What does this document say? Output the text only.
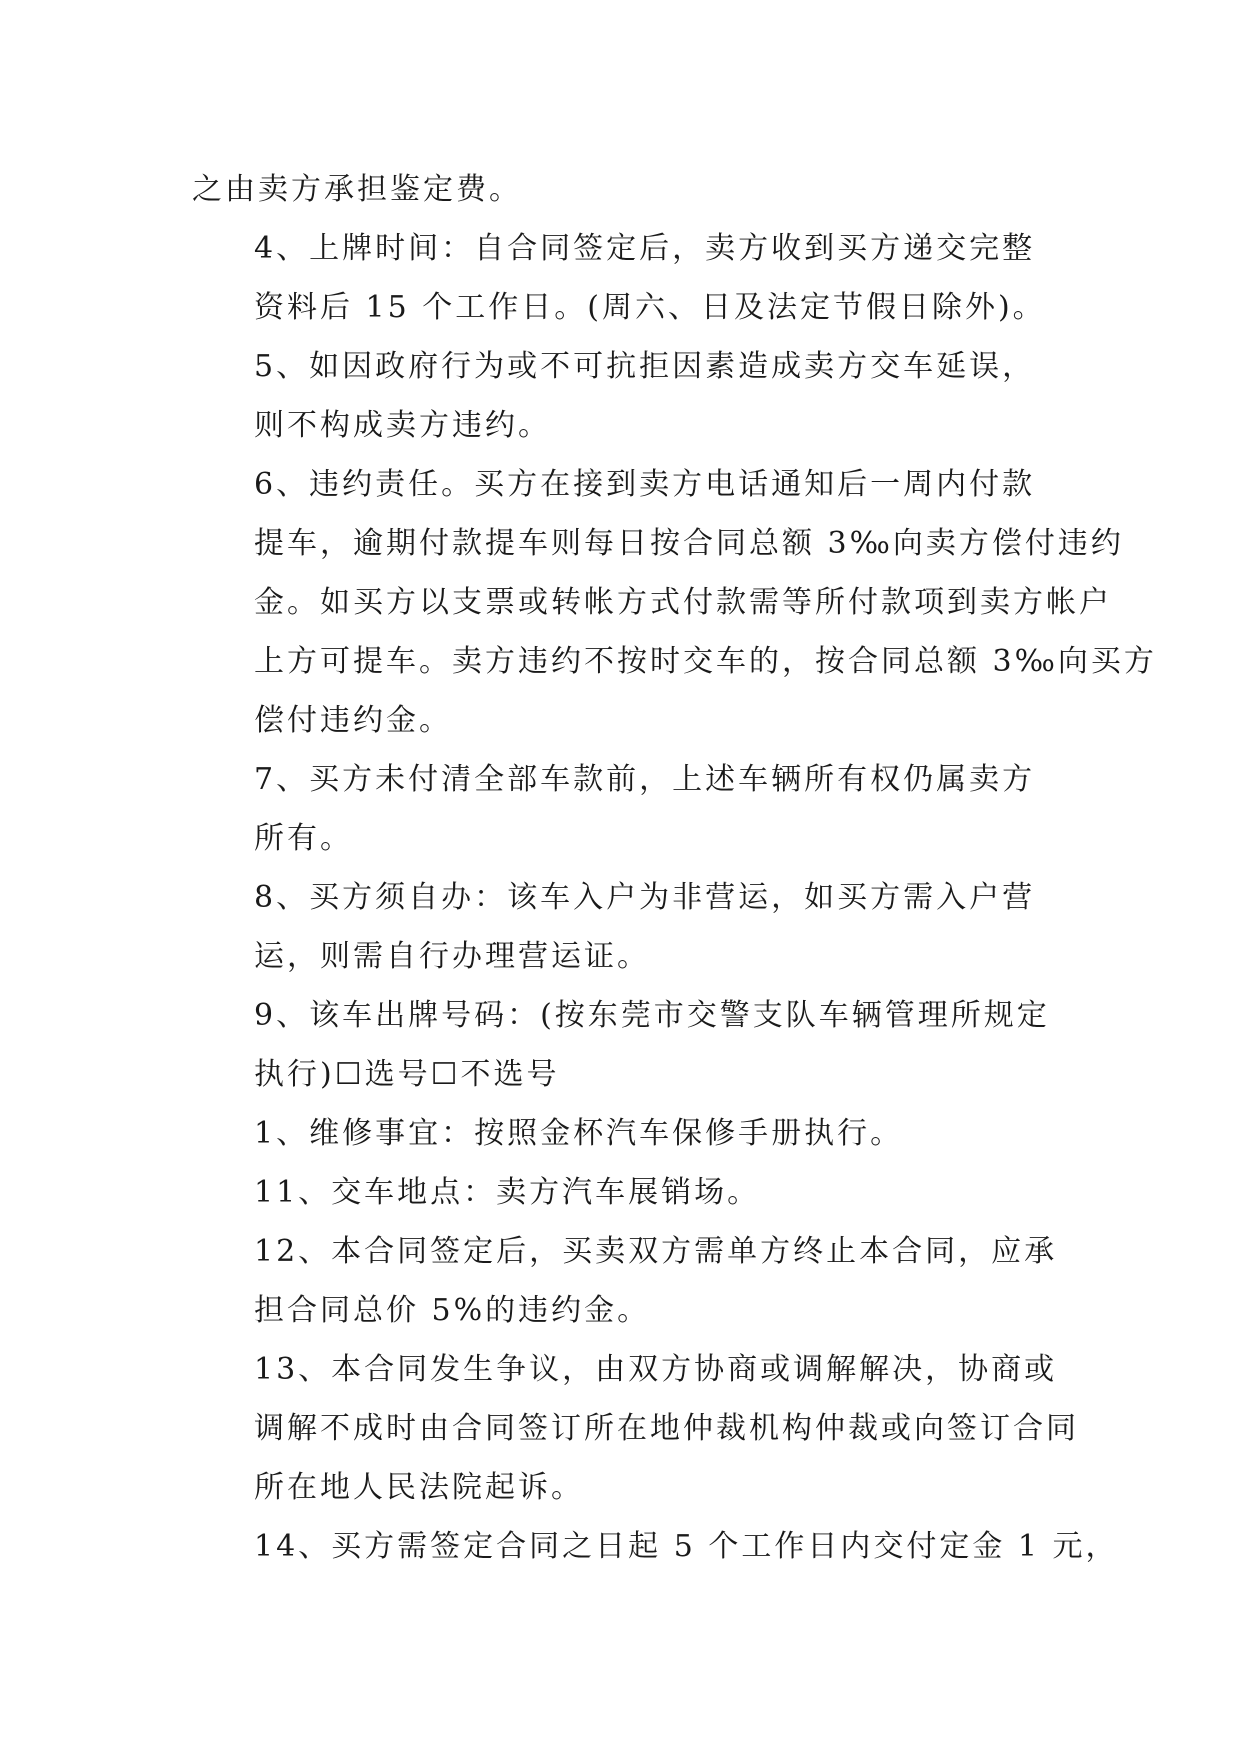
之由卖方承担鉴定费。

4、上牌时间：自合同签定后，卖方收到买方递交完整
资料后 15 个工作日。(周六、日及法定节假日除外)。

5、如因政府行为或不可抗拒因素造成卖方交车延误，
则不构成卖方违约。

6、违约责任。买方在接到卖方电话通知后一周内付款
提车，逾期付款提车则每日按合同总额 3‰向卖方偿付违约
金。如买方以支票或转帐方式付款需等所付款项到卖方帐户
上方可提车。卖方违约不按时交车的，按合同总额 3‰向买方
偿付违约金。

7、买方未付清全部车款前，上述车辆所有权仍属卖方
所有。

8、买方须自办：该车入户为非营运，如买方需入户营
运，则需自行办理营运证。

9、该车出牌号码：(按东莞市交警支队车辆管理所规定
执行)☐选号☐不选号

1、维修事宜：按照金杯汽车保修手册执行。

11、交车地点：卖方汽车展销场。

12、本合同签定后，买卖双方需单方终止本合同，应承
担合同总价 5%的违约金。

13、本合同发生争议，由双方协商或调解解决，协商或
调解不成时由合同签订所在地仲裁机构仲裁或向签订合同
所在地人民法院起诉。

14、买方需签定合同之日起 5 个工作日内交付定金 1 元，
